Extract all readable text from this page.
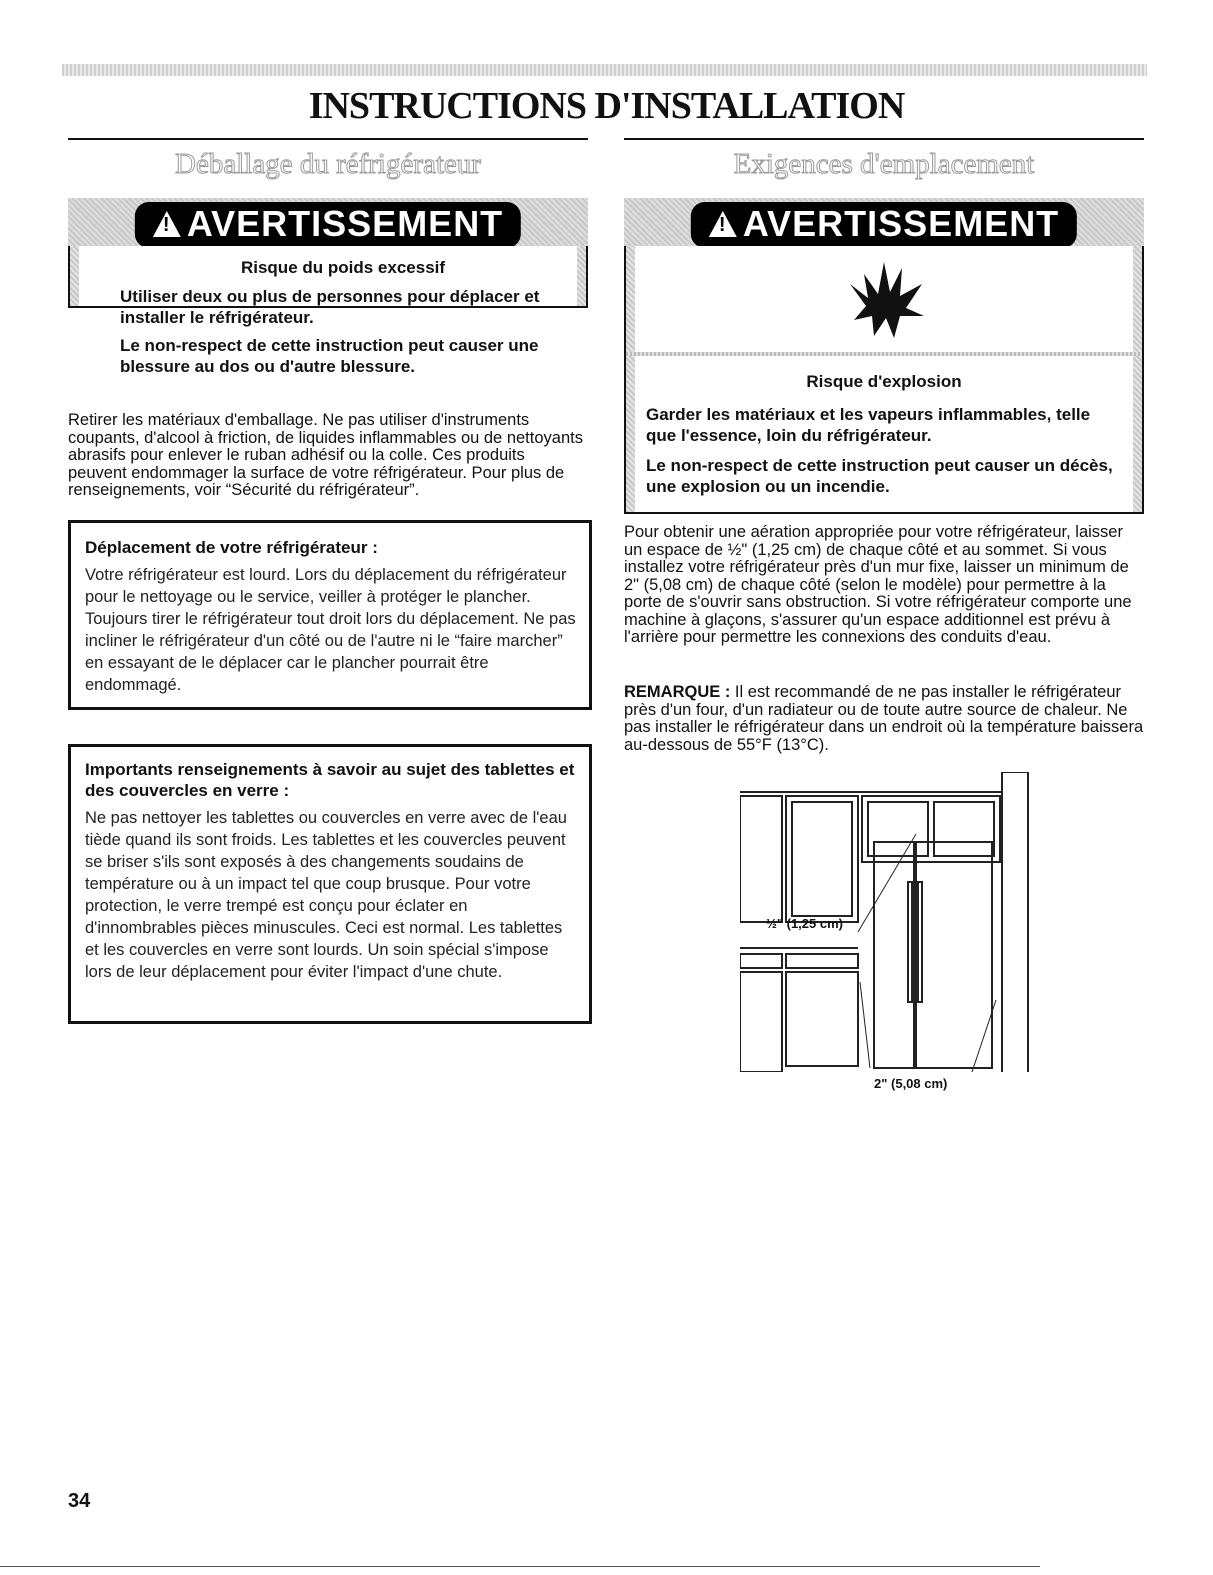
INSTRUCTIONS D'INSTALLATION
Déballage du réfrigérateur	Exigences d'emplacement
!
AVERTISSEMENT

Risque du poids excessif

Utiliser deux ou plus de personnes pour déplacer et installer le réfrigérateur.

Le non-respect de cette instruction peut causer une blessure au dos ou d'autre blessure.

Retirer les matériaux d'emballage. Ne pas utiliser d'instruments coupants, d'alcool à friction, de liquides inflammables ou de nettoyants abrasifs pour enlever le ruban adhésif ou la colle. Ces produits peuvent endommager la surface de votre réfrigérateur. Pour plus de renseignements, voir “Sécurité du réfrigérateur”.

Déplacement de votre réfrigérateur :

Votre réfrigérateur est lourd. Lors du déplacement du réfrigérateur pour le nettoyage ou le service, veiller à protéger le plancher. Toujours tirer le réfrigérateur tout droit lors du déplacement. Ne pas incliner le réfrigérateur d'un côté ou de l'autre ni le “faire marcher” en essayant de le déplacer car le plancher pourrait être endommagé.

Importants renseignements à savoir au sujet des tablettes et des couvercles en verre :

Ne pas nettoyer les tablettes ou couvercles en verre avec de l'eau tiède quand ils sont froids. Les tablettes et les couvercles peuvent se briser s'ils sont exposés à des changements soudains de température ou à un impact tel que coup brusque. Pour votre protection, le verre trempé est conçu pour éclater en d'innombrables pièces minuscules. Ceci est normal. Les tablettes et les couvercles en verre sont lourds. Un soin spécial s'impose lors de leur déplacement pour éviter l'impact d'une chute.

!
AVERTISSEMENT

Risque d'explosion

Garder les matériaux et les vapeurs inflammables, telle que l'essence, loin du réfrigérateur.

Le non-respect de cette instruction peut causer un décès, une explosion ou un incendie.

Pour obtenir une aération appropriée pour votre réfrigérateur, laisser un espace de ½" (1,25 cm) de chaque côté et au sommet. Si vous installez votre réfrigérateur près d'un mur fixe, laisser un minimum de 2" (5,08 cm) de chaque côté (selon le modèle) pour permettre à la porte de s'ouvrir sans obstruction. Si votre réfrigérateur comporte une machine à glaçons, s'assurer qu'un espace additionnel est prévu à l'arrière pour permettre les connexions des conduits d'eau.

REMARQUE : Il est recommandé de ne pas installer le réfrigérateur près d'un four, d'un radiateur ou de toute autre source de chaleur. Ne pas installer le réfrigérateur dans un endroit où la température baissera au-dessous de 55°F (13°C).

½" (1,25 cm)
2" (5,08 cm)
34
